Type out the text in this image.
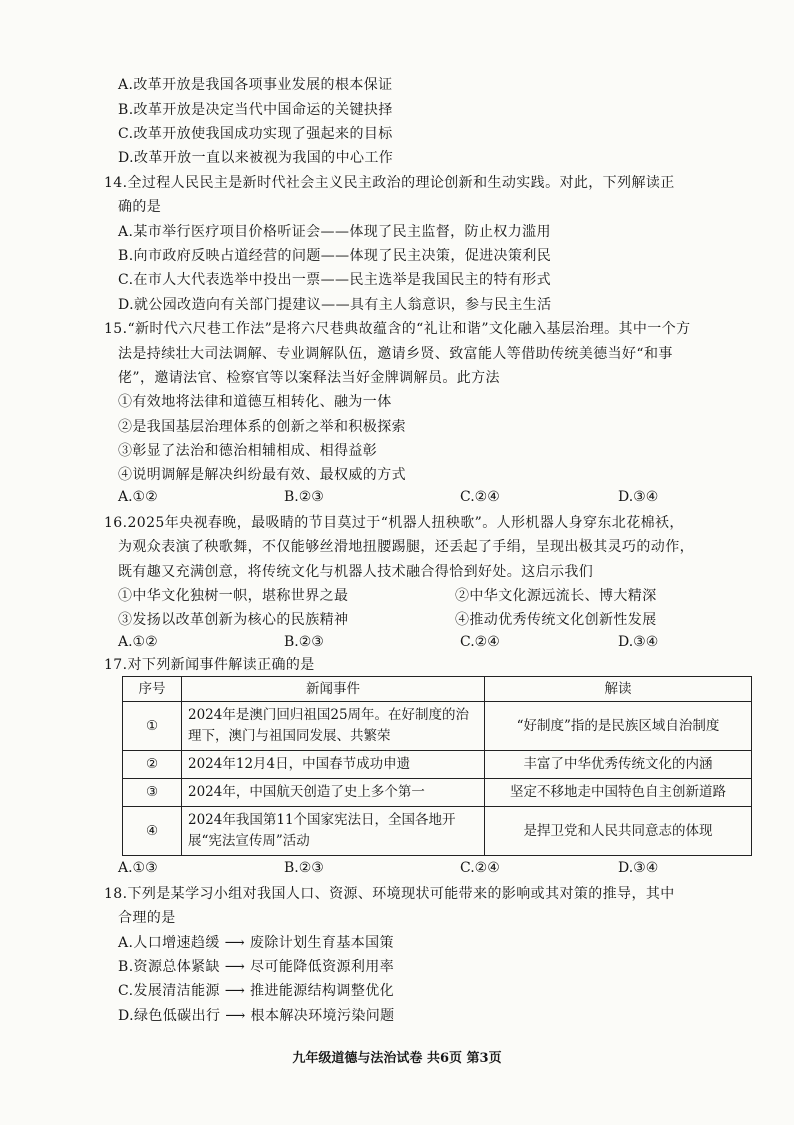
A.改革开放是我国各项事业发展的根本保证
B.改革开放是决定当代中国命运的关键抉择
C.改革开放使我国成功实现了强起来的目标
D.改革开放一直以来被视为我国的中心工作
14.全过程人民民主是新时代社会主义民主政治的理论创新和生动实践。对此，下列解读正
确的是
A.某市举行医疗项目价格听证会——体现了民主监督，防止权力滥用
B.向市政府反映占道经营的问题——体现了民主决策，促进决策利民
C.在市人大代表选举中投出一票——民主选举是我国民主的特有形式
D.就公园改造向有关部门提建议——具有主人翁意识，参与民主生活
15.“新时代六尺巷工作法”是将六尺巷典故蕴含的“礼让和谐”文化融入基层治理。其中一个方
法是持续壮大司法调解、专业调解队伍，邀请乡贤、致富能人等借助传统美德当好“和事
佬”，邀请法官、检察官等以案释法当好金牌调解员。此方法
①有效地将法律和道德互相转化、融为一体
②是我国基层治理体系的创新之举和积极探索
③彰显了法治和德治相辅相成、相得益彰
④说明调解是解决纠纷最有效、最权威的方式
A.①②	B.②③	C.②④	D.③④
16.2025年央视春晚，最吸睛的节目莫过于“机器人扭秧歌”。人形机器人身穿东北花棉袄，
为观众表演了秧歌舞，不仅能够丝滑地扭腰踢腿，还丢起了手绢，呈现出极其灵巧的动作，
既有趣又充满创意，将传统文化与机器人技术融合得恰到好处。这启示我们
①中华文化独树一帜，堪称世界之最	②中华文化源远流长、博大精深
③发扬以改革创新为核心的民族精神	④推动优秀传统文化创新性发展
A.①②	B.②③	C.②④	D.③④
17.对下列新闻事件解读正确的是
序号	新闻事件	解读
①	2024年是澳门回归祖国25周年。在好制度的治理下，澳门与祖国同发展、共繁荣	“好制度”指的是民族区域自治制度
②	2024年12月4日，中国春节成功申遗	丰富了中华优秀传统文化的内涵
③	2024年，中国航天创造了史上多个第一	坚定不移地走中国特色自主创新道路
④	2024年我国第11个国家宪法日，全国各地开展“宪法宣传周”活动	是捍卫党和人民共同意志的体现
A.①③	B.②③	C.②④	D.③④
18.下列是某学习小组对我国人口、资源、环境现状可能带来的影响或其对策的推导，其中
合理的是
A.人口增速趋缓 ⟶ 废除计划生育基本国策
B.资源总体紧缺 ⟶ 尽可能降低资源利用率
C.发展清洁能源 ⟶ 推进能源结构调整优化
D.绿色低碳出行 ⟶ 根本解决环境污染问题
九年级道德与法治试卷 共6页 第3页
